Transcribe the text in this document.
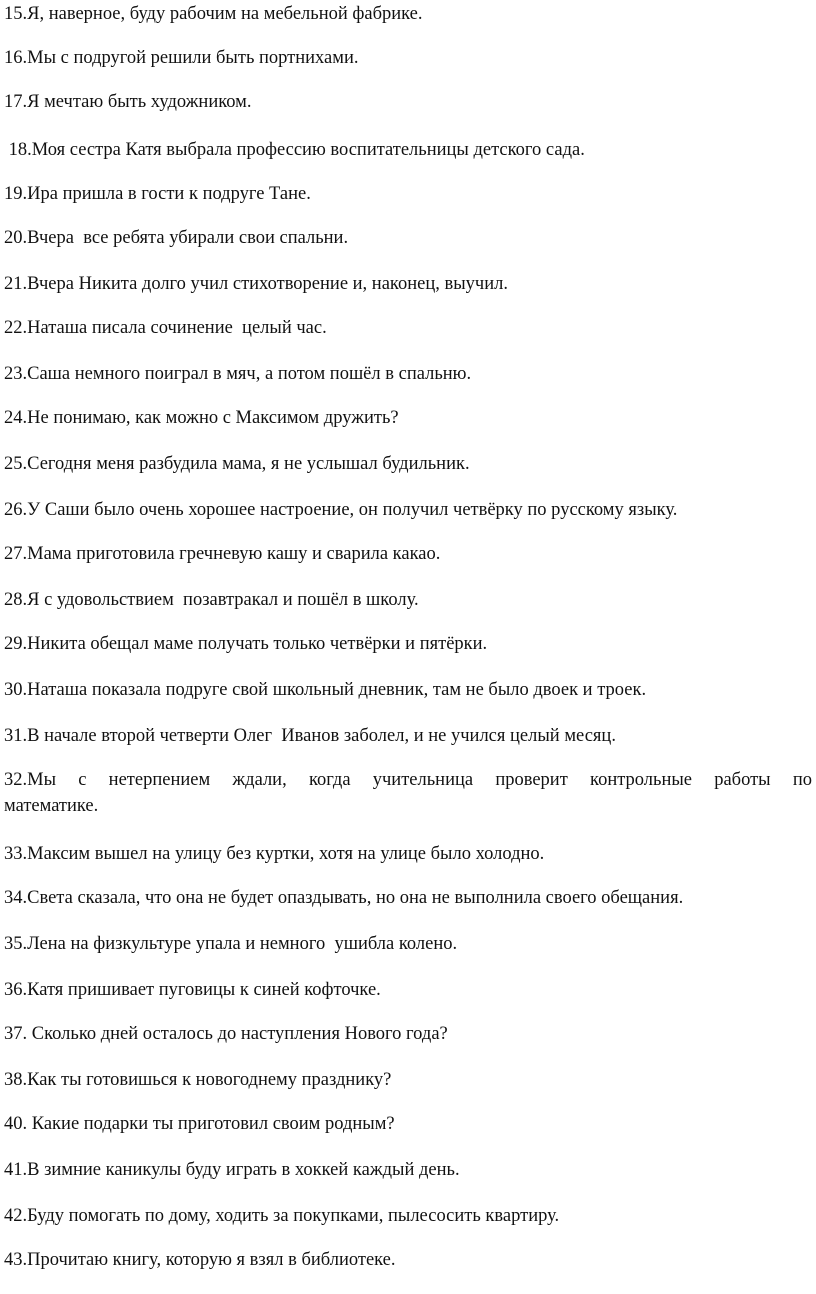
15.Я, наверное, буду рабочим на мебельной фабрике.

16.Мы с подругой решили быть портнихами.

17.Я мечтаю быть художником.

18.Моя сестра Катя выбрала профессию воспитательницы детского сада.

19.Ира пришла в гости к подруге Тане.

20.Вчера  все ребята убирали свои спальни.

21.Вчера Никита долго учил стихотворение и, наконец, выучил.

22.Наташа писала сочинение  целый час.

23.Саша немного поиграл в мяч, а потом пошёл в спальню.

24.Не понимаю, как можно с Максимом дружить?

25.Сегодня меня разбудила мама, я не услышал будильник.

26.У Саши было очень хорошее настроение, он получил четвёрку по русскому языку.

27.Мама приготовила гречневую кашу и сварила какао.

28.Я с удовольствием  позавтракал и пошёл в школу.

29.Никита обещал маме получать только четвёрки и пятёрки.

30.Наташа показала подруге свой школьный дневник, там не было двоек и троек.

31.В начале второй четверти Олег  Иванов заболел, и не учился целый месяц.

32.Мы с нетерпением ждали, когда учительница проверит контрольные работы по

математике.

33.Максим вышел на улицу без куртки, хотя на улице было холодно.

34.Света сказала, что она не будет опаздывать, но она не выполнила своего обещания.

35.Лена на физкультуре упала и немного  ушибла колено.

36.Катя пришивает пуговицы к синей кофточке.

37. Сколько дней осталось до наступления Нового года?

38.Как ты готовишься к новогоднему празднику?

40. Какие подарки ты приготовил своим родным?

41.В зимние каникулы буду играть в хоккей каждый день.

42.Буду помогать по дому, ходить за покупками, пылесосить квартиру.

43.Прочитаю книгу, которую я взял в библиотеке.
